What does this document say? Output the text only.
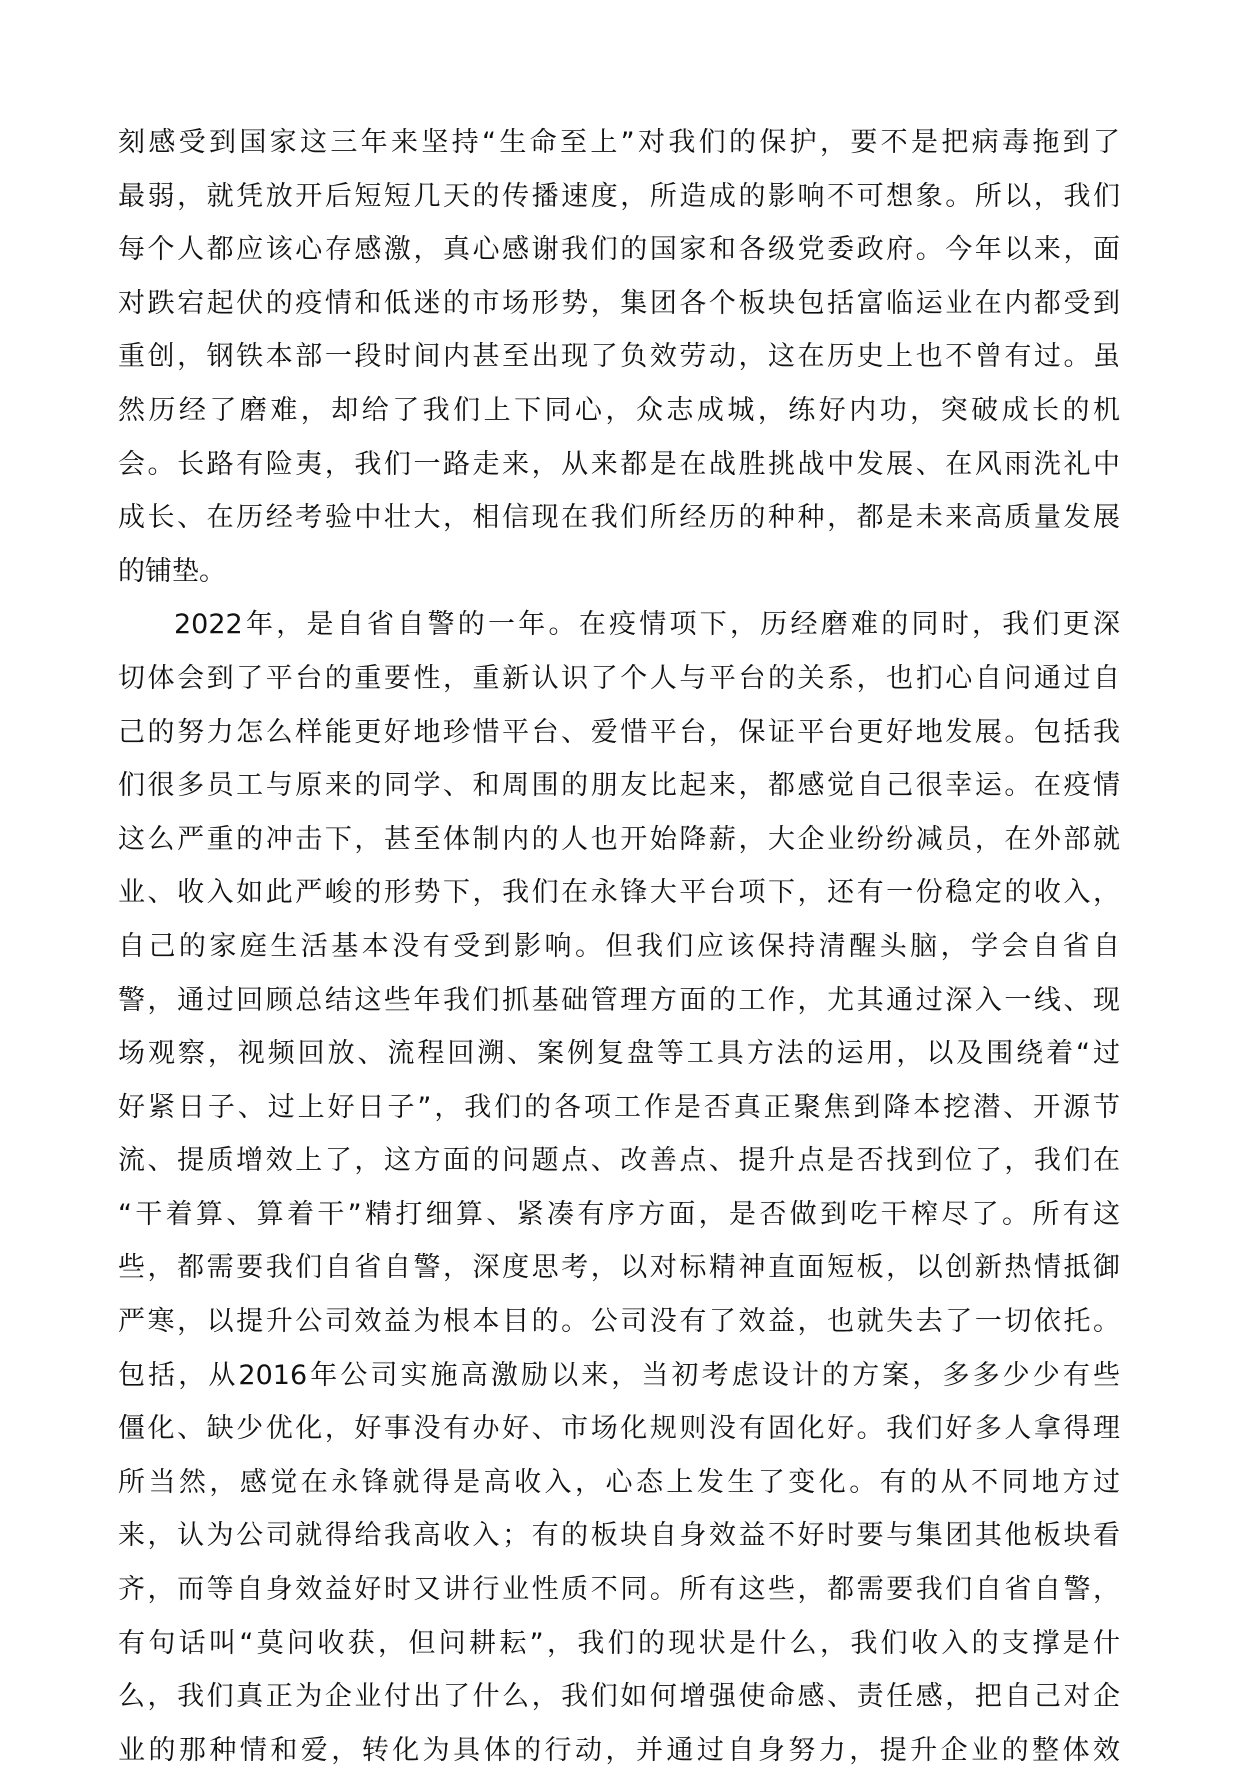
刻感受到国家这三年来坚持“生命至上”对我们的保护，要不是把病毒拖到了
最弱，就凭放开后短短几天的传播速度，所造成的影响不可想象。所以，我们
每个人都应该心存感激，真心感谢我们的国家和各级党委政府。今年以来，面
对跌宕起伏的疫情和低迷的市场形势，集团各个板块包括富临运业在内都受到
重创，钢铁本部一段时间内甚至出现了负效劳动，这在历史上也不曾有过。虽
然历经了磨难，却给了我们上下同心，众志成城，练好内功，突破成长的机
会。长路有险夷，我们一路走来，从来都是在战胜挑战中发展、在风雨洗礼中
成长、在历经考验中壮大，相信现在我们所经历的种种，都是未来高质量发展
的铺垫。
2022年，是自省自警的一年。在疫情项下，历经磨难的同时，我们更深
切体会到了平台的重要性，重新认识了个人与平台的关系，也扪心自问通过自
己的努力怎么样能更好地珍惜平台、爱惜平台，保证平台更好地发展。包括我
们很多员工与原来的同学、和周围的朋友比起来，都感觉自己很幸运。在疫情
这么严重的冲击下，甚至体制内的人也开始降薪，大企业纷纷减员，在外部就
业、收入如此严峻的形势下，我们在永锋大平台项下，还有一份稳定的收入，
自己的家庭生活基本没有受到影响。但我们应该保持清醒头脑，学会自省自
警，通过回顾总结这些年我们抓基础管理方面的工作，尤其通过深入一线、现
场观察，视频回放、流程回溯、案例复盘等工具方法的运用，以及围绕着“过
好紧日子、过上好日子”，我们的各项工作是否真正聚焦到降本挖潜、开源节
流、提质增效上了，这方面的问题点、改善点、提升点是否找到位了，我们在
“干着算、算着干”精打细算、紧凑有序方面，是否做到吃干榨尽了。所有这
些，都需要我们自省自警，深度思考，以对标精神直面短板，以创新热情抵御
严寒，以提升公司效益为根本目的。公司没有了效益，也就失去了一切依托。
包括，从2016年公司实施高激励以来，当初考虑设计的方案，多多少少有些
僵化、缺少优化，好事没有办好、市场化规则没有固化好。我们好多人拿得理
所当然，感觉在永锋就得是高收入，心态上发生了变化。有的从不同地方过
来，认为公司就得给我高收入；有的板块自身效益不好时要与集团其他板块看
齐，而等自身效益好时又讲行业性质不同。所有这些，都需要我们自省自警，
有句话叫“莫问收获，但问耕耘”，我们的现状是什么，我们收入的支撑是什
么，我们真正为企业付出了什么，我们如何增强使命感、责任感，把自己对企
业的那种情和爱，转化为具体的行动，并通过自身努力，提升企业的整体效
